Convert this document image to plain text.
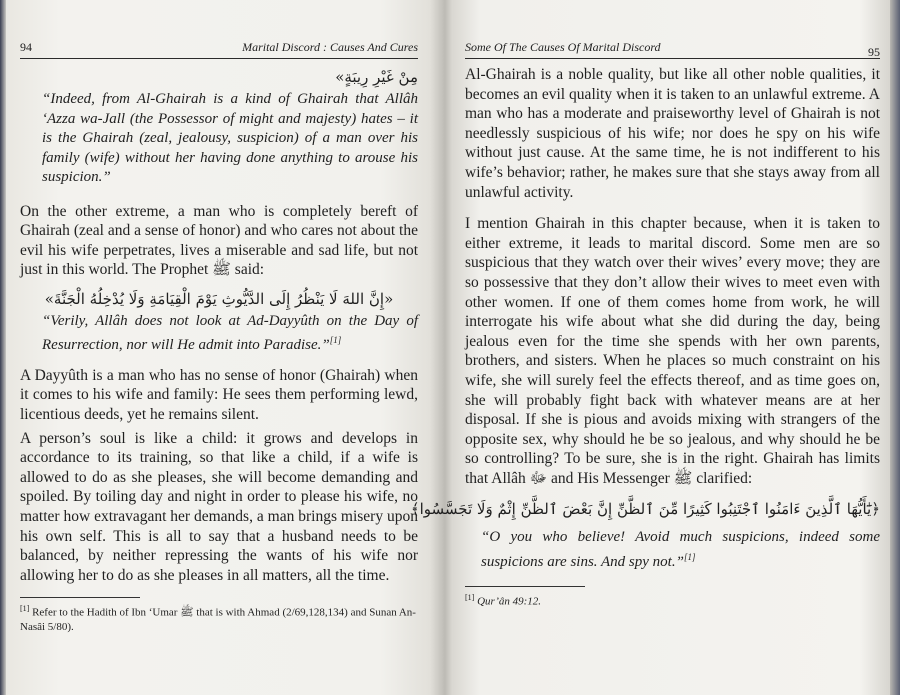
94	Marital Discord : Causes And Cures
مِنْ غَيْرِ رِيبَةٍ»
“Indeed, from Al-Ghairah is a kind of Ghairah that Allâh ‘Azza wa-Jall (the Possessor of might and majesty) hates – it is the Ghairah (zeal, jealousy, suspicion) of a man over his family (wife) without her having done anything to arouse his suspicion.”
On the other extreme, a man who is completely bereft of Ghairah (zeal and a sense of honor) and who cares not about the evil his wife perpetrates, lives a miserable and sad life, but not just in this world. The Prophet ﷺ said:
«إِنَّ اللهَ لَا يَنْظُرُ إِلَى الدَّيُّوثِ يَوْمَ الْقِيَامَةِ وَلَا يُدْخِلُهُ الْجَنَّةَ»
“Verily, Allâh does not look at Ad-Dayyûth on the Day of Resurrection, nor will He admit into Paradise.”[1]
A Dayyûth is a man who has no sense of honor (Ghairah) when it comes to his wife and family: He sees them performing lewd, licentious deeds, yet he remains silent.
A person’s soul is like a child: it grows and develops in accordance to its training, so that like a child, if a wife is allowed to do as she pleases, she will become demanding and spoiled. By toiling day and night in order to please his wife, no matter how extravagant her demands, a man brings misery upon his own self. This is all to say that a husband needs to be balanced, by neither repressing the wants of his wife nor allowing her to do as she pleases in all matters, all the time.
[1] Refer to the Hadith of Ibn ‘Umar ﷺ that is with Ahmad (2/69,128,134) and Sunan An-Nasâi 5/80).
Some Of The Causes Of Marital Discord	95
Al-Ghairah is a noble quality, but like all other noble qualities, it becomes an evil quality when it is taken to an unlawful extreme. A man who has a moderate and praiseworthy level of Ghairah is not needlessly suspicious of his wife; nor does he spy on his wife without just cause. At the same time, he is not indifferent to his wife’s behavior; rather, he makes sure that she stays away from all unlawful activity.
I mention Ghairah in this chapter because, when it is taken to either extreme, it leads to marital discord. Some men are so suspicious that they watch over their wives’ every move; they are so possessive that they don’t allow their wives to meet even with other women. If one of them comes home from work, he will interrogate his wife about what she did during the day, being jealous even for the time she spends with her own parents, brothers, and sisters. When he places so much constraint on his wife, she will surely feel the effects thereof, and as time goes on, she will probably fight back with whatever means are at her disposal. If she is pious and avoids mixing with strangers of the opposite sex, why should he be so jealous, and why should he be so controlling? To be sure, she is in the right. Ghairah has limits that Allâh ﷻ and His Messenger ﷺ clarified:
﴿يَٰٓأَيُّهَا ٱلَّذِينَ ءَامَنُوا ٱجْتَنِبُوا كَثِيرًا مِّنَ ٱلظَّنِّ إِنَّ بَعْضَ ٱلظَّنِّ إِثْمٌ وَلَا تَجَسَّسُوا﴾
“O you who believe! Avoid much suspicions, indeed some suspicions are sins. And spy not.”[1]
[1] Qur’ân 49:12.
